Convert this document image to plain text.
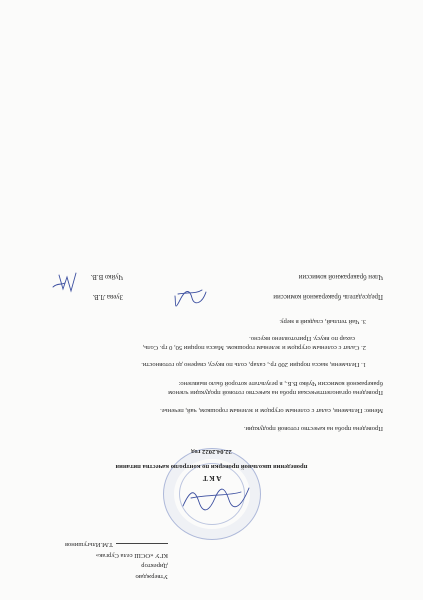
Утверждаю
Директор
КГУ «ОСШ села Сургак»
Т.М.Ильгушинов
АКТ
проведения школьной проверки по контролю качества питания
22.04.2022 год
Проведена проба на качество готовой продукции.
Меню: Пельмени, салат с соленым огурцом и зеленым горошком, чай, печенье.
Проведена органолептическая проба на качество готовой продукции членом
бракеражной комиссии Чуйко В.Б., в результате которой было выявлено:
1. Пельмени, масса порции 200 гр., сахар, соль по вкусу, сварено до готовности.
2. Салат с соленым огурцом и зеленым горошком. Масса порции 50, 0 гр. Соль,
сахар по вкусу. Приготовлено вкусно.
3. Чай теплый, сладкий в меру.
Председатель бракеражной комиссии
Зуева Л.В.
Член бракеражной комиссии
Чуйко В.В.
